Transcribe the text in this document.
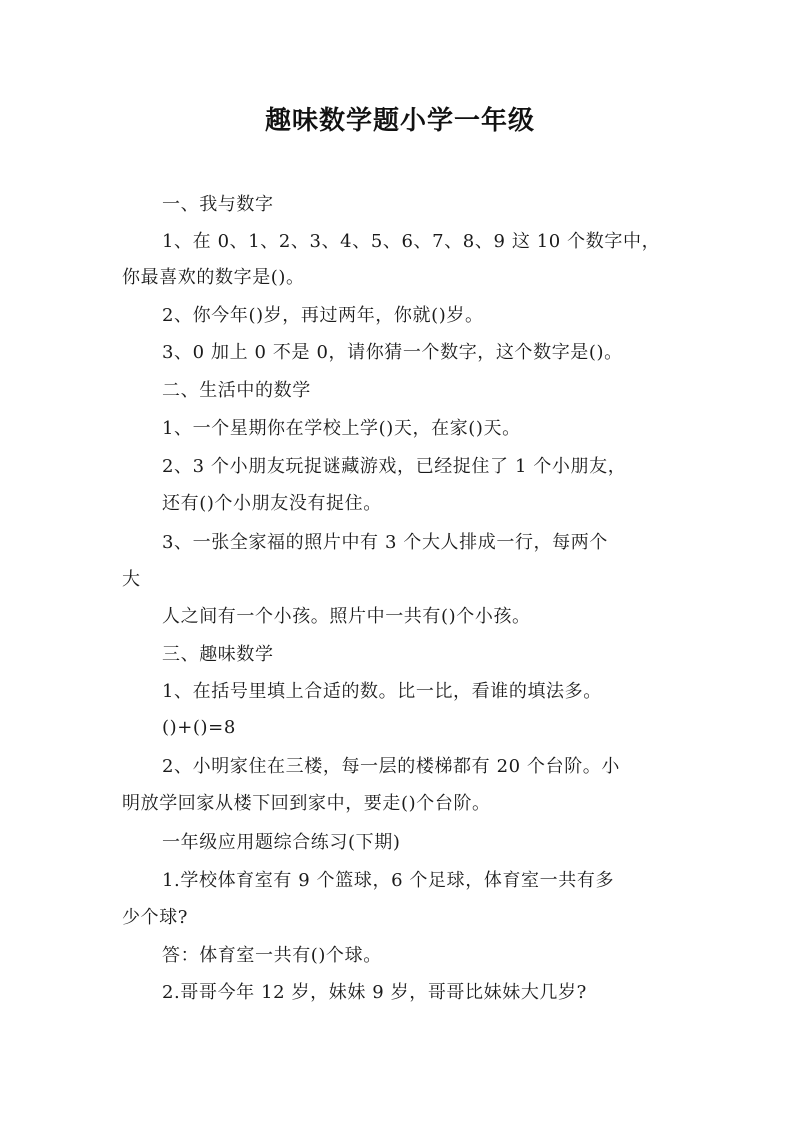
趣味数学题小学一年级
一、我与数字
1、在 0、1、2、3、4、5、6、7、8、9 这 10 个数字中，
你最喜欢的数字是()。
2、你今年()岁，再过两年，你就()岁。
3、0 加上 0 不是 0，请你猜一个数字，这个数字是()。
二、生活中的数学
1、一个星期你在学校上学()天，在家()天。
2、3 个小朋友玩捉谜藏游戏，已经捉住了 1 个小朋友，
还有()个小朋友没有捉住。
3、一张全家福的照片中有 3 个大人排成一行，每两个
大
人之间有一个小孩。照片中一共有()个小孩。
三、趣味数学
1、在括号里填上合适的数。比一比，看谁的填法多。
()+()=8
2、小明家住在三楼，每一层的楼梯都有 20 个台阶。小
明放学回家从楼下回到家中，要走()个台阶。
一年级应用题综合练习(下期)
1.学校体育室有 9 个篮球，6 个足球，体育室一共有多
少个球?
答：体育室一共有()个球。
2.哥哥今年 12 岁，妹妹 9 岁，哥哥比妹妹大几岁?
